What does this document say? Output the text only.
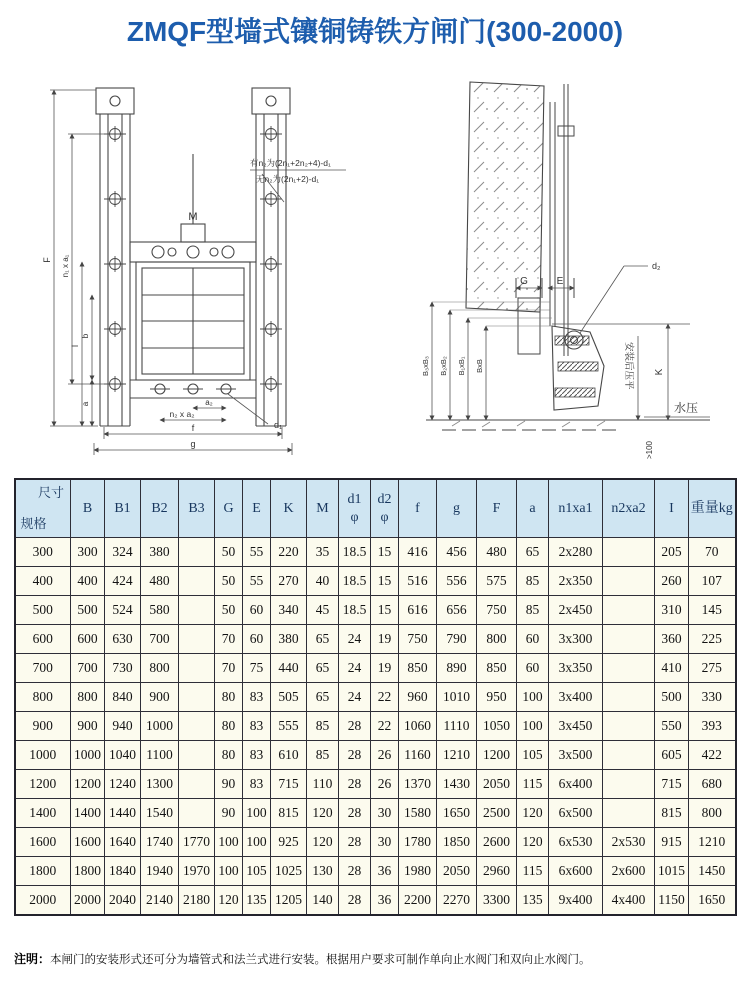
ZMQF型墙式镶铜铸铁方闸门(300-2000)
M
F n₁ x a₁
l
b
a	a₂
n₂ x a₂
d₁
f
g
有n₂为(2n₁+2n₂+4)-d₁
无n₂为(2n₁+2)-d₁
G	E
d₂
K
水压
B₃xB₃ B₂xB₂ B₁xB₁ BxB	安装后压平
>100
尺寸
规格	B	B1	B2	B3	G	E	K	M	d1
φ	d2
φ	f	g	F	a	n1xa1	n2xa2	I	重量kg
300	300	324	380		50	55	220	35	18.5	15	416	456	480	65	2x280		205	70
400	400	424	480		50	55	270	40	18.5	15	516	556	575	85	2x350		260	107
500	500	524	580		50	60	340	45	18.5	15	616	656	750	85	2x450		310	145
600	600	630	700		70	60	380	65	24	19	750	790	800	60	3x300		360	225
700	700	730	800		70	75	440	65	24	19	850	890	850	60	3x350		410	275
800	800	840	900		80	83	505	65	24	22	960	1010	950	100	3x400		500	330
900	900	940	1000		80	83	555	85	28	22	1060	1110	1050	100	3x450		550	393
1000	1000	1040	1100		80	83	610	85	28	26	1160	1210	1200	105	3x500		605	422
1200	1200	1240	1300		90	83	715	110	28	26	1370	1430	2050	115	6x400		715	680
1400	1400	1440	1540		90	100	815	120	28	30	1580	1650	2500	120	6x500		815	800
1600	1600	1640	1740	1770	100	100	925	120	28	30	1780	1850	2600	120	6x530	2x530	915	1210
1800	1800	1840	1940	1970	100	105	1025	130	28	36	1980	2050	2960	115	6x600	2x600	1015	1450
2000	2000	2040	2140	2180	120	135	1205	140	28	36	2200	2270	3300	135	9x400	4x400	1150	1650

注明：本闸门的安装形式还可分为墙管式和法兰式进行安装。根据用户要求可制作单向止水阀门和双向止水阀门。
